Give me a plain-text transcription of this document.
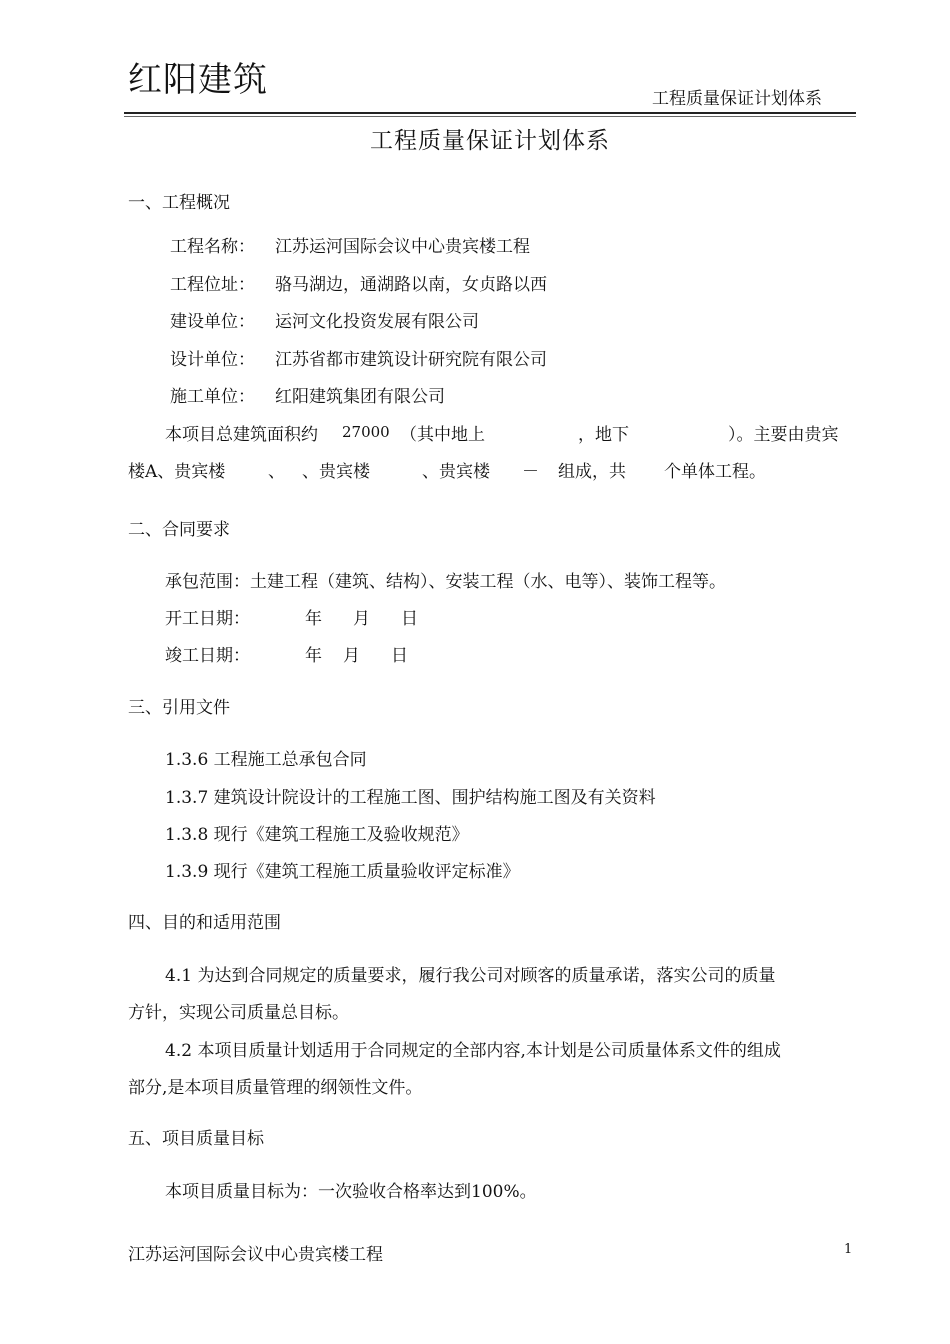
红阳建筑	工程质量保证计划体系
工程质量保证计划体系
一、工程概况
工程名称： 江苏运河国际会议中心贵宾楼工程
工程位址： 骆马湖边，通湖路以南，女贞路以西
建设单位： 运河文化投资发展有限公司
设计单位： 江苏省都市建筑设计研究院有限公司
施工单位： 红阳建筑集团有限公司
本项目总建筑面积约 27000 （其中地上	，地下	）。主要由贵宾
楼A、贵宾楼	、 、贵宾楼	、贵宾楼 － 组成，共 个单体工程。
二、合同要求
承包范围：土建工程（建筑、结构）、安装工程（水、电等）、装饰工程等。
开工日期：	年 月 日
竣工日期：	年 月 日
三、引用文件
1.3.6 工程施工总承包合同
1.3.7 建筑设计院设计的工程施工图、围护结构施工图及有关资料
1.3.8 现行《建筑工程施工及验收规范》
1.3.9 现行《建筑工程施工质量验收评定标准》
四、目的和适用范围
4.1 为达到合同规定的质量要求，履行我公司对顾客的质量承诺，落实公司的质量
方针，实现公司质量总目标。
4.2 本项目质量计划适用于合同规定的全部内容,本计划是公司质量体系文件的组成
部分,是本项目质量管理的纲领性文件。
五、项目质量目标
本项目质量目标为：一次验收合格率达到100%。
江苏运河国际会议中心贵宾楼工程	1
